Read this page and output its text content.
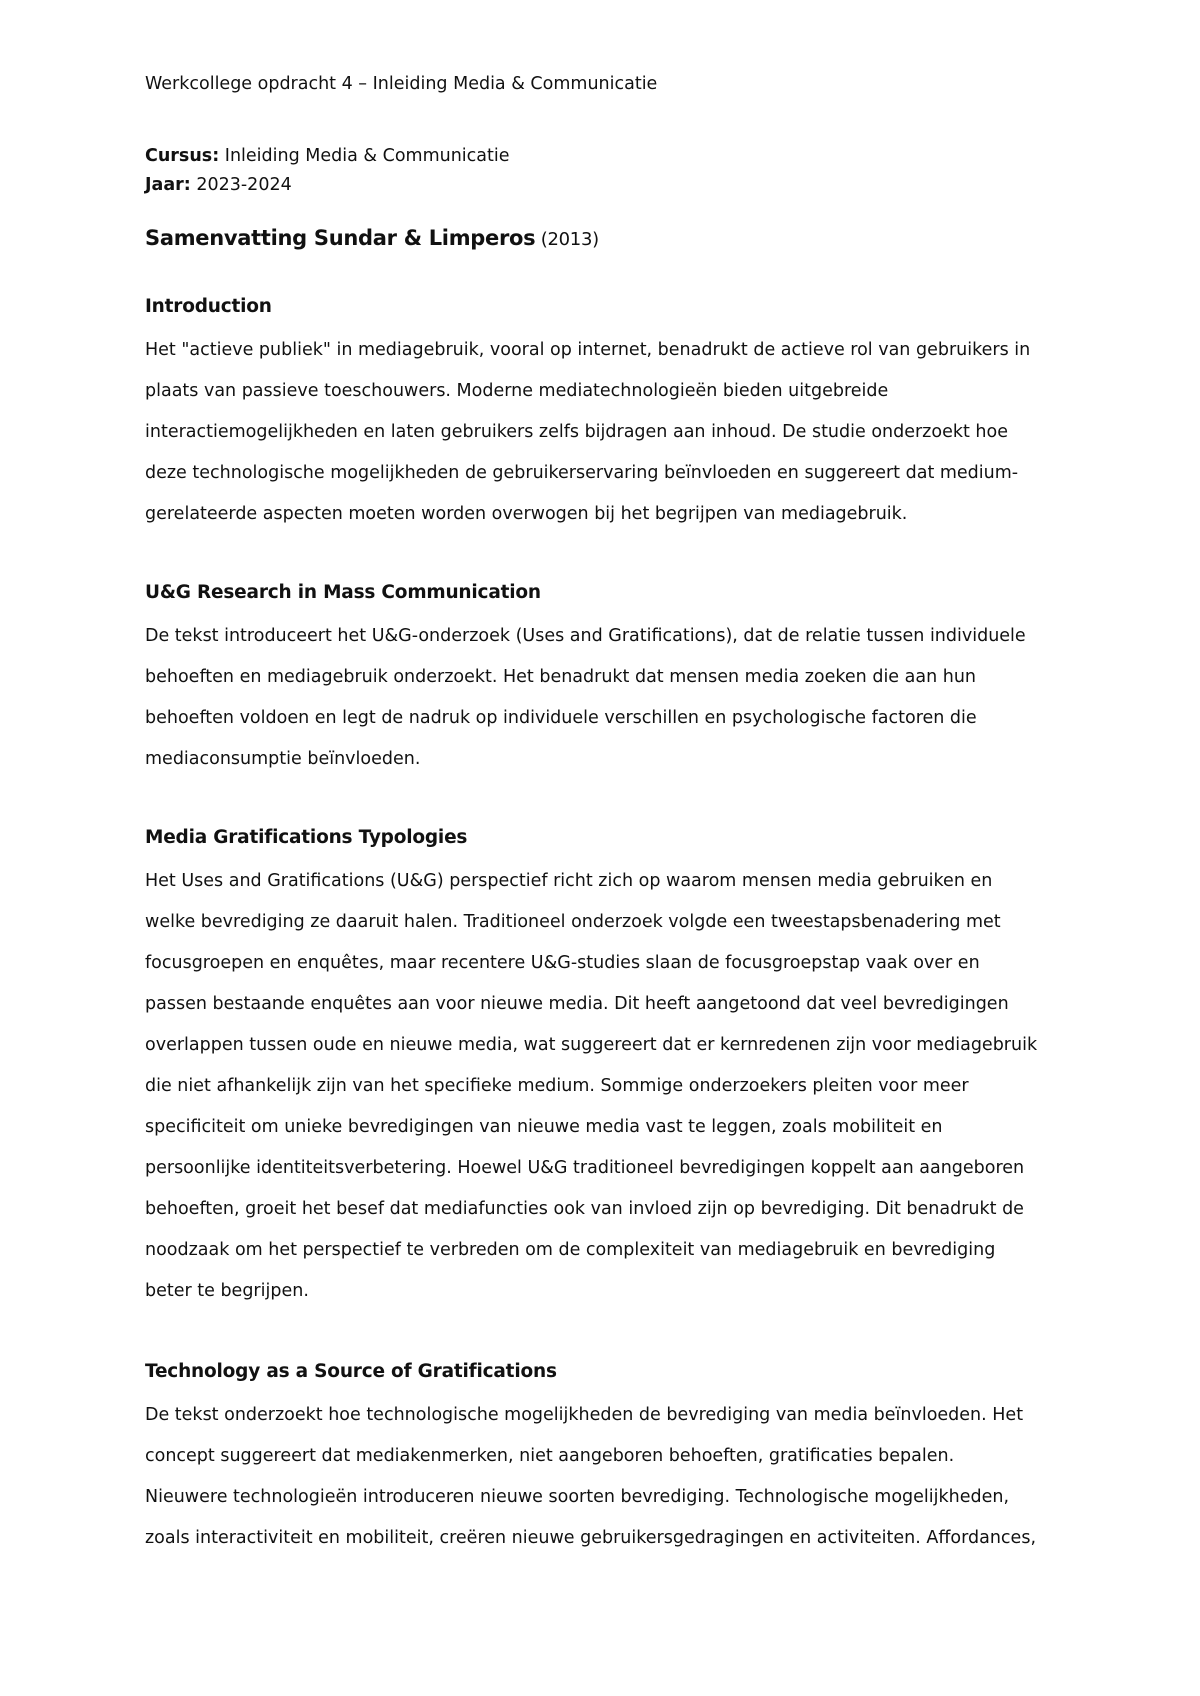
Werkcollege opdracht 4 – Inleiding Media & Communicatie
Cursus: Inleiding Media & Communicatie
Jaar: 2023-2024
Samenvatting Sundar & Limperos (2013)
Introduction
Het "actieve publiek" in mediagebruik, vooral op internet, benadrukt de actieve rol van gebruikers in
plaats van passieve toeschouwers. Moderne mediatechnologieën bieden uitgebreide
interactiemogelijkheden en laten gebruikers zelfs bijdragen aan inhoud. De studie onderzoekt hoe
deze technologische mogelijkheden de gebruikerservaring beïnvloeden en suggereert dat medium-
gerelateerde aspecten moeten worden overwogen bij het begrijpen van mediagebruik.
U&G Research in Mass Communication
De tekst introduceert het U&G-onderzoek (Uses and Gratifications), dat de relatie tussen individuele
behoeften en mediagebruik onderzoekt. Het benadrukt dat mensen media zoeken die aan hun
behoeften voldoen en legt de nadruk op individuele verschillen en psychologische factoren die
mediaconsumptie beïnvloeden.
Media Gratifications Typologies
Het Uses and Gratifications (U&G) perspectief richt zich op waarom mensen media gebruiken en
welke bevrediging ze daaruit halen. Traditioneel onderzoek volgde een tweestapsbenadering met
focusgroepen en enquêtes, maar recentere U&G-studies slaan de focusgroepstap vaak over en
passen bestaande enquêtes aan voor nieuwe media. Dit heeft aangetoond dat veel bevredigingen
overlappen tussen oude en nieuwe media, wat suggereert dat er kernredenen zijn voor mediagebruik
die niet afhankelijk zijn van het specifieke medium. Sommige onderzoekers pleiten voor meer
specificiteit om unieke bevredigingen van nieuwe media vast te leggen, zoals mobiliteit en
persoonlijke identiteitsverbetering. Hoewel U&G traditioneel bevredigingen koppelt aan aangeboren
behoeften, groeit het besef dat mediafuncties ook van invloed zijn op bevrediging. Dit benadrukt de
noodzaak om het perspectief te verbreden om de complexiteit van mediagebruik en bevrediging
beter te begrijpen.
Technology as a Source of Gratifications
De tekst onderzoekt hoe technologische mogelijkheden de bevrediging van media beïnvloeden. Het
concept suggereert dat mediakenmerken, niet aangeboren behoeften, gratificaties bepalen.
Nieuwere technologieën introduceren nieuwe soorten bevrediging. Technologische mogelijkheden,
zoals interactiviteit en mobiliteit, creëren nieuwe gebruikersgedragingen en activiteiten. Affordances,
